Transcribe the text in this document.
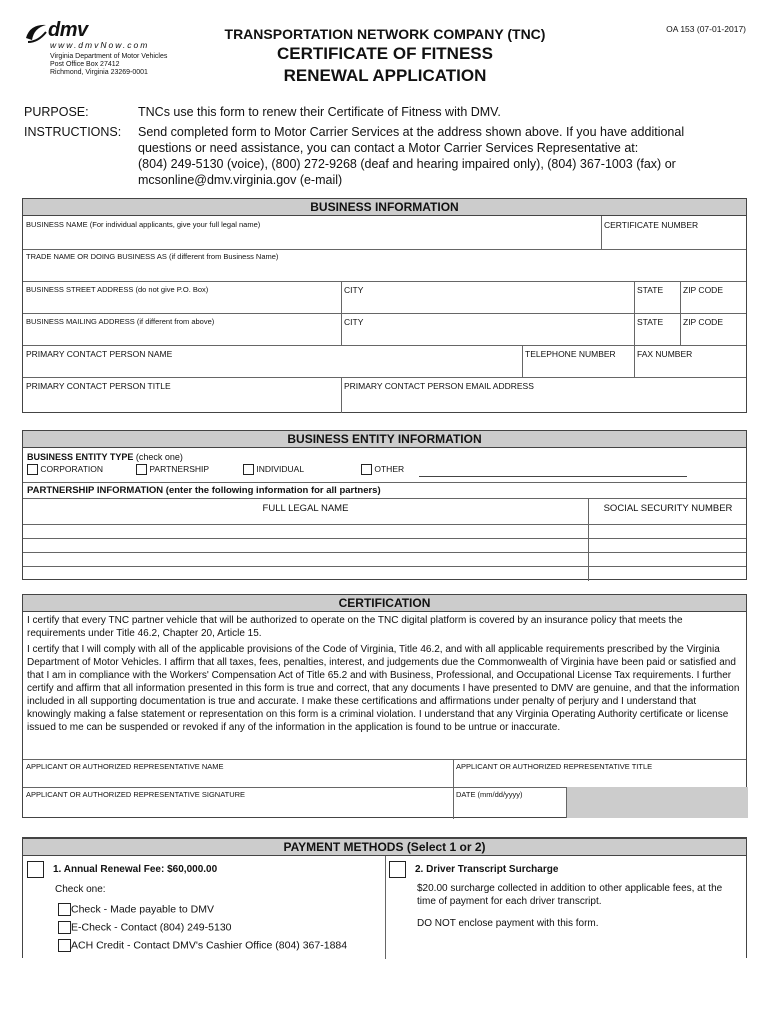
dmv
www.dmvNow.com
Virginia Department of Motor Vehicles
Post Office Box 27412
Richmond, Virginia 23269-0001
OA 153 (07-01-2017)
TRANSPORTATION NETWORK COMPANY (TNC)
CERTIFICATE OF FITNESS
RENEWAL APPLICATION
PURPOSE:	TNCs use this form to renew their Certificate of Fitness with DMV.
INSTRUCTIONS: Send completed form to Motor Carrier Services at the address shown above. If you have additional
questions or need assistance, you can contact a Motor Carrier Services Representative at:
(804) 249-5130 (voice), (800) 272-9268 (deaf and hearing impaired only), (804) 367-1003 (fax) or
mcsonline@dmv.virginia.gov (e-mail)
BUSINESS INFORMATION
BUSINESS NAME (For individual applicants, give your full legal name)	CERTIFICATE NUMBER
TRADE NAME OR DOING BUSINESS AS (if different from Business Name)
BUSINESS STREET ADDRESS (do not give P.O. Box)	CITY	STATE ZIP CODE
BUSINESS MAILING ADDRESS (if different from above)	CITY	STATE ZIP CODE
PRIMARY CONTACT PERSON NAME	TELEPHONE NUMBER	FAX NUMBER
PRIMARY CONTACT PERSON TITLE	PRIMARY CONTACT PERSON EMAIL ADDRESS
BUSINESS ENTITY INFORMATION
BUSINESS ENTITY TYPE (check one)
CORPORATION	PARTNERSHIP	INDIVIDUAL	OTHER
PARTNERSHIP INFORMATION (enter the following information for all partners)
FULL LEGAL NAME	SOCIAL SECURITY NUMBER
CERTIFICATION
I certify that every TNC partner vehicle that will be authorized to operate on the TNC digital platform is covered by an insurance policy that meets the requirements under Title 46.2, Chapter 20, Article 15.
I certify that I will comply with all of the applicable provisions of the Code of Virginia, Title 46.2, and with all applicable requirements prescribed by the Virginia Department of Motor Vehicles. I affirm that all taxes, fees, penalties, interest, and judgements due the Commonwealth of Virginia have been paid or satisfied and that I am in compliance with the Workers' Compensation Act of Title 65.2 and with Business, Professional, and Occupational License Tax requirements. I further certify and affirm that all information presented in this form is true and correct, that any documents I have presented to DMV are genuine, and that the information included in all supporting documentation is true and accurate. I make these certifications and affirmations under penalty of perjury and I understand that knowingly making a false statement or representation on this form is a criminal violation. I understand that any Virginia Operating Authority certificate or license issued to me can be suspended or revoked if any of the information in the application is found to be untrue or inaccurate.
APPLICANT OR AUTHORIZED REPRESENTATIVE NAME	APPLICANT OR AUTHORIZED REPRESENTATIVE TITLE
APPLICANT OR AUTHORIZED REPRESENTATIVE SIGNATURE	DATE (mm/dd/yyyy)
PAYMENT METHODS (Select 1 or 2)
1. Annual Renewal Fee: $60,000.00
Check one:
Check - Made payable to DMV
E-Check - Contact (804) 249-5130
ACH Credit - Contact DMV's Cashier Office (804) 367-1884
2. Driver Transcript Surcharge
$20.00 surcharge collected in addition to other applicable fees, at the time of payment for each driver transcript.
DO NOT enclose payment with this form.
